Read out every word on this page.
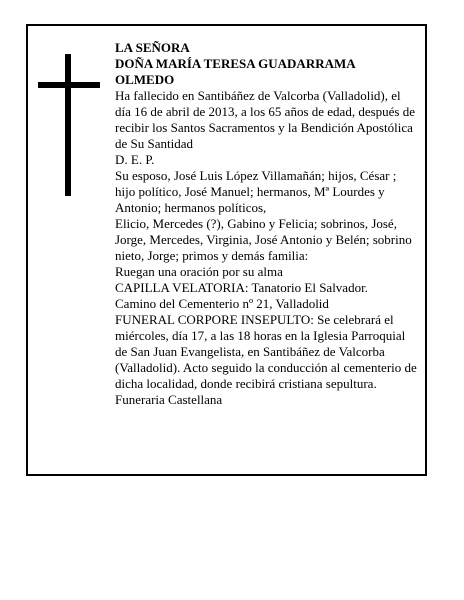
LA SEÑORA

DOÑA MARÍA TERESA GUADARRAMA

OLMEDO

Ha fallecido en Santibáñez de Valcorba (Valladolid), el día 16 de abril de 2013, a los 65 años de edad, después de recibir los Santos Sacramentos y la Bendición Apostólica de Su Santidad

D. E. P.

Su esposo, José Luis López Villamañán; hijos, César ; hijo político, José Manuel; hermanos, Mª Lourdes y Antonio; hermanos políticos,

Elicio, Mercedes (?), Gabino y Felicia; sobrinos, José, Jorge, Mercedes, Virginia, José Antonio y Belén; sobrino nieto, Jorge; primos y demás familia:

Ruegan una oración por su alma

CAPILLA VELATORIA: Tanatorio El Salvador.

Camino del Cementerio nº 21, Valladolid

FUNERAL CORPORE INSEPULTO: Se celebrará el miércoles, día 17, a las 18 horas en la Iglesia Parroquial de San Juan Evangelista, en Santibáñez de Valcorba (Valladolid). Acto seguido la conducción al cementerio de dicha localidad, donde recibirá cristiana sepultura.

Funeraria Castellana
